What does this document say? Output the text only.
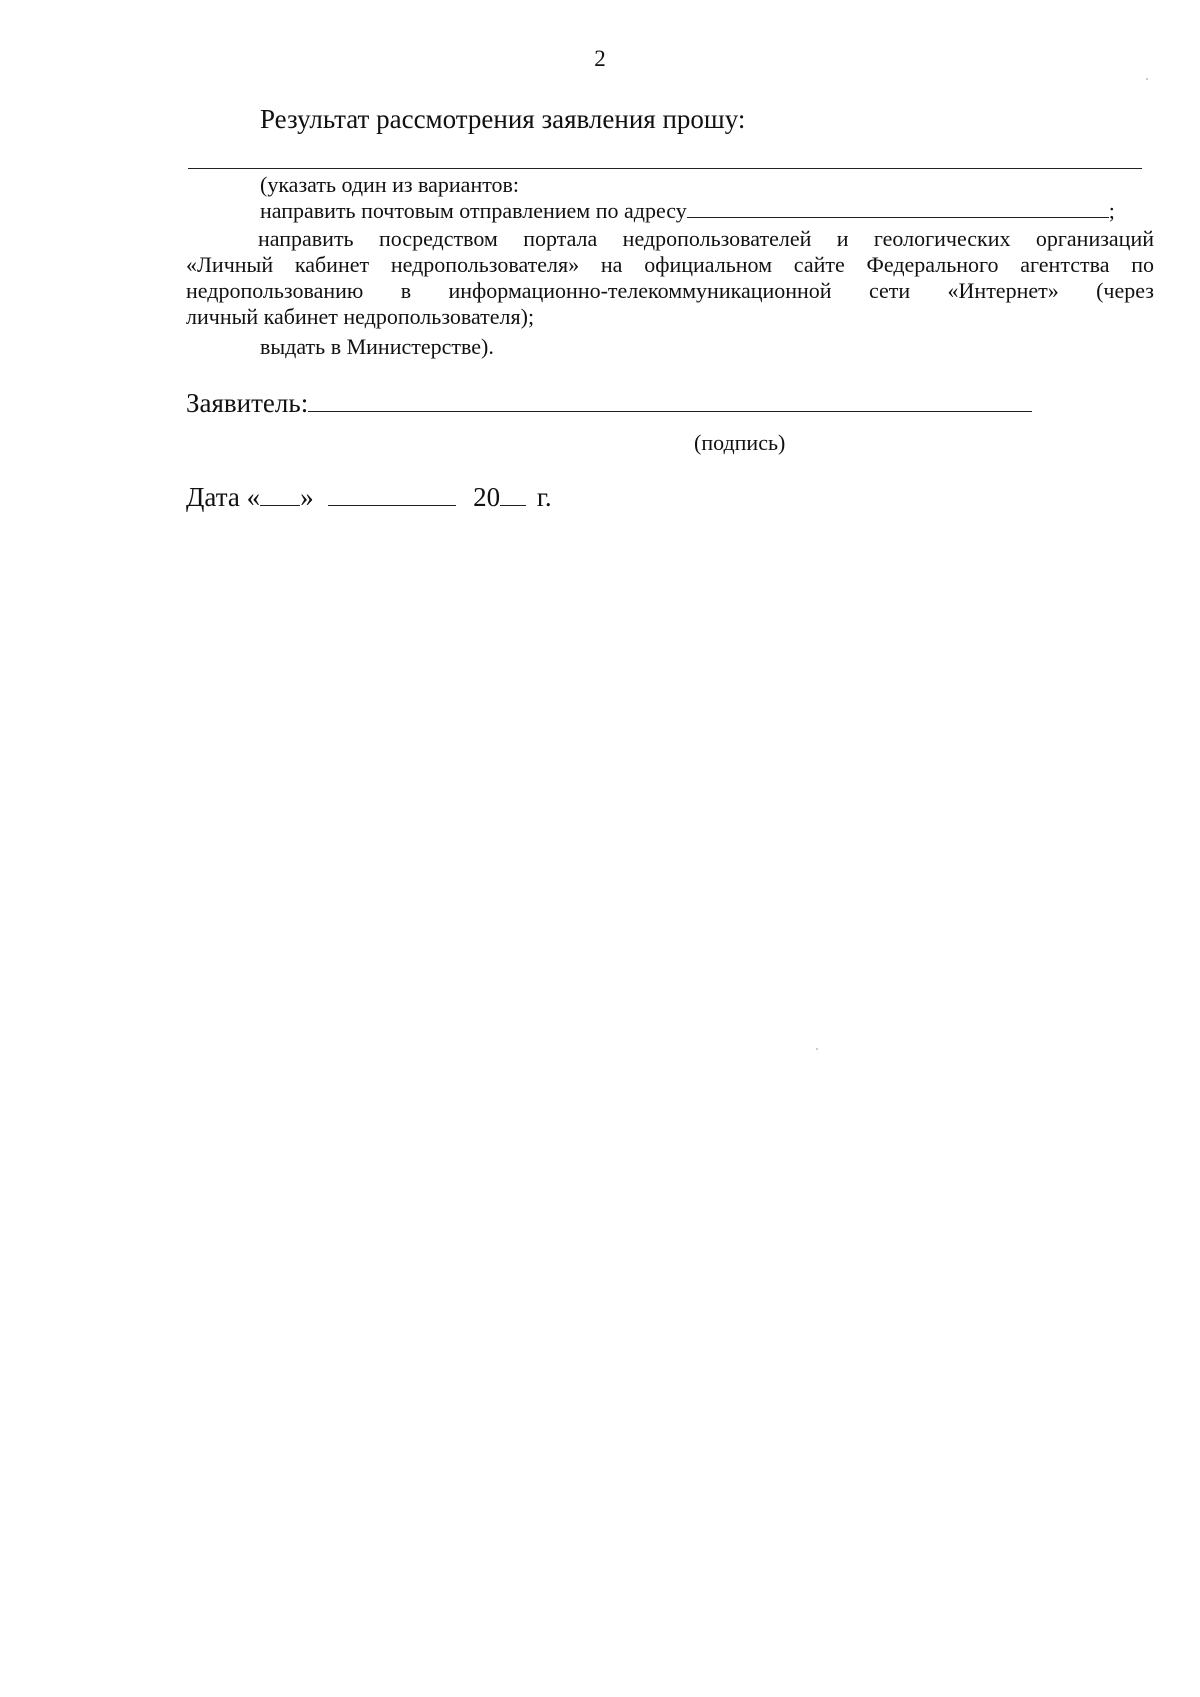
2
Результат рассмотрения заявления прошу:
(указать один из вариантов:
направить почтовым отправлением по адресу	;
направить посредством портала недропользователей и геологических организаций
«Личный кабинет недропользователя» на официальном сайте Федерального агентства по
недропользованию в информационно-телекоммуникационной сети «Интернет» (через
личный кабинет недропользователя);
выдать в Министерстве).
Заявитель:
(подпись)
Дата « »	20 г.
